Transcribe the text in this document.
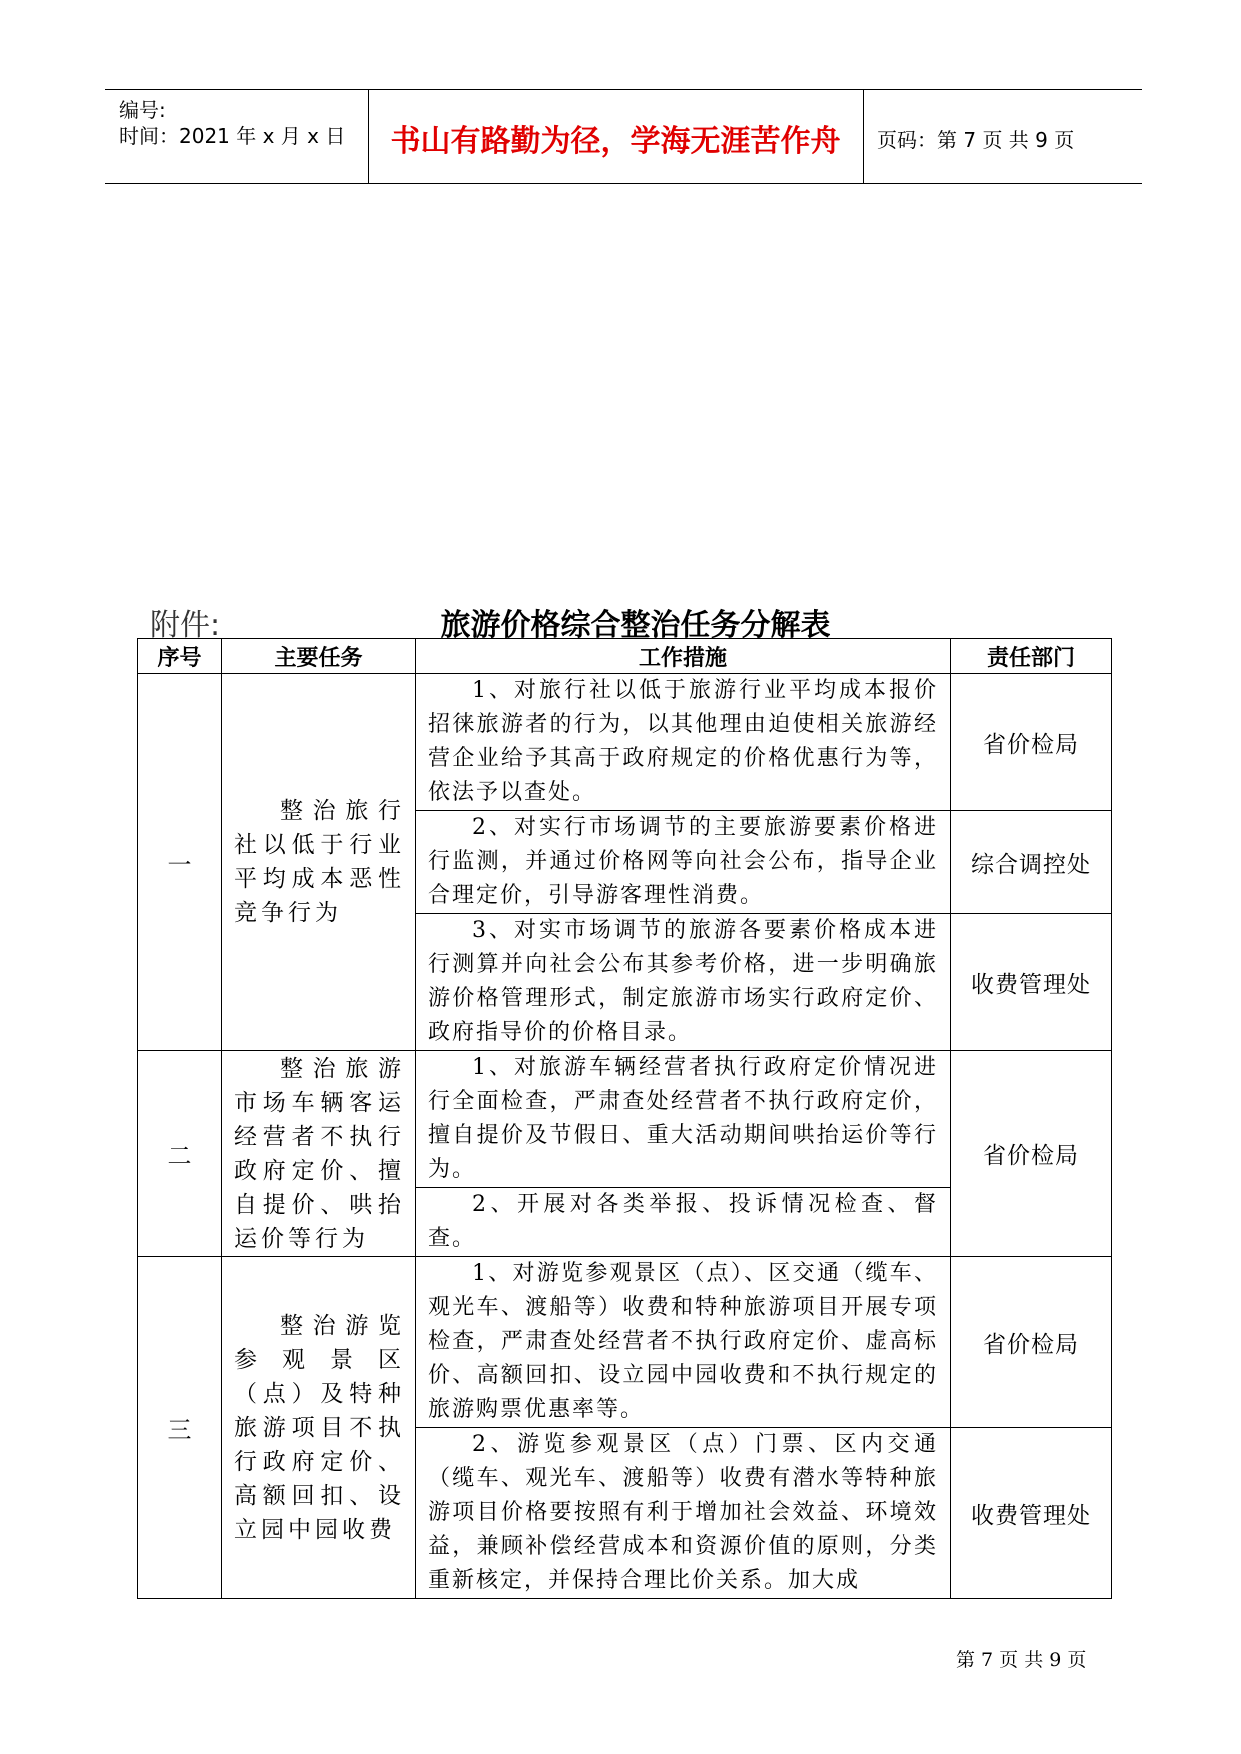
编号:
时间：2021 年 x 月 x 日	书山有路勤为径，学海无涯苦作舟	页码：第 7 页 共 9 页
附件:	旅游价格综合整治任务分解表
序号	主要任务	工作措施	责任部门
一	整治旅行社以低于行业平均成本恶性竞争行为	1、对旅行社以低于旅游行业平均成本报价招徕旅游者的行为，以其他理由迫使相关旅游经营企业给予其高于政府规定的价格优惠行为等，依法予以查处。	省价检局
		2、对实行市场调节的主要旅游要素价格进行监测，并通过价格网等向社会公布，指导企业合理定价，引导游客理性消费。	综合调控处
		3、对实市场调节的旅游各要素价格成本进行测算并向社会公布其参考价格，进一步明确旅游价格管理形式，制定旅游市场实行政府定价、政府指导价的价格目录。	收费管理处
二	整治旅游市场车辆客运经营者不执行政府定价、擅自提价、哄抬运价等行为	1、对旅游车辆经营者执行政府定价情况进行全面检查，严肃查处经营者不执行政府定价，擅自提价及节假日、重大活动期间哄抬运价等行为。	省价检局
		2、开展对各类举报、投诉情况检查、督查。	
三	整治游览参观景区（点）及特种旅游项目不执行政府定价、高额回扣、设立园中园收费	1、对游览参观景区（点）、区交通（缆车、观光车、渡船等）收费和特种旅游项目开展专项检查，严肃查处经营者不执行政府定价、虚高标价、高额回扣、设立园中园收费和不执行规定的旅游购票优惠率等。	省价检局
		2、游览参观景区（点）门票、区内交通（缆车、观光车、渡船等）收费有潜水等特种旅游项目价格要按照有利于增加社会效益、环境效益，兼顾补偿经营成本和资源价值的原则，分类重新核定，并保持合理比价关系。加大成	收费管理处
第 7 页 共 9 页
